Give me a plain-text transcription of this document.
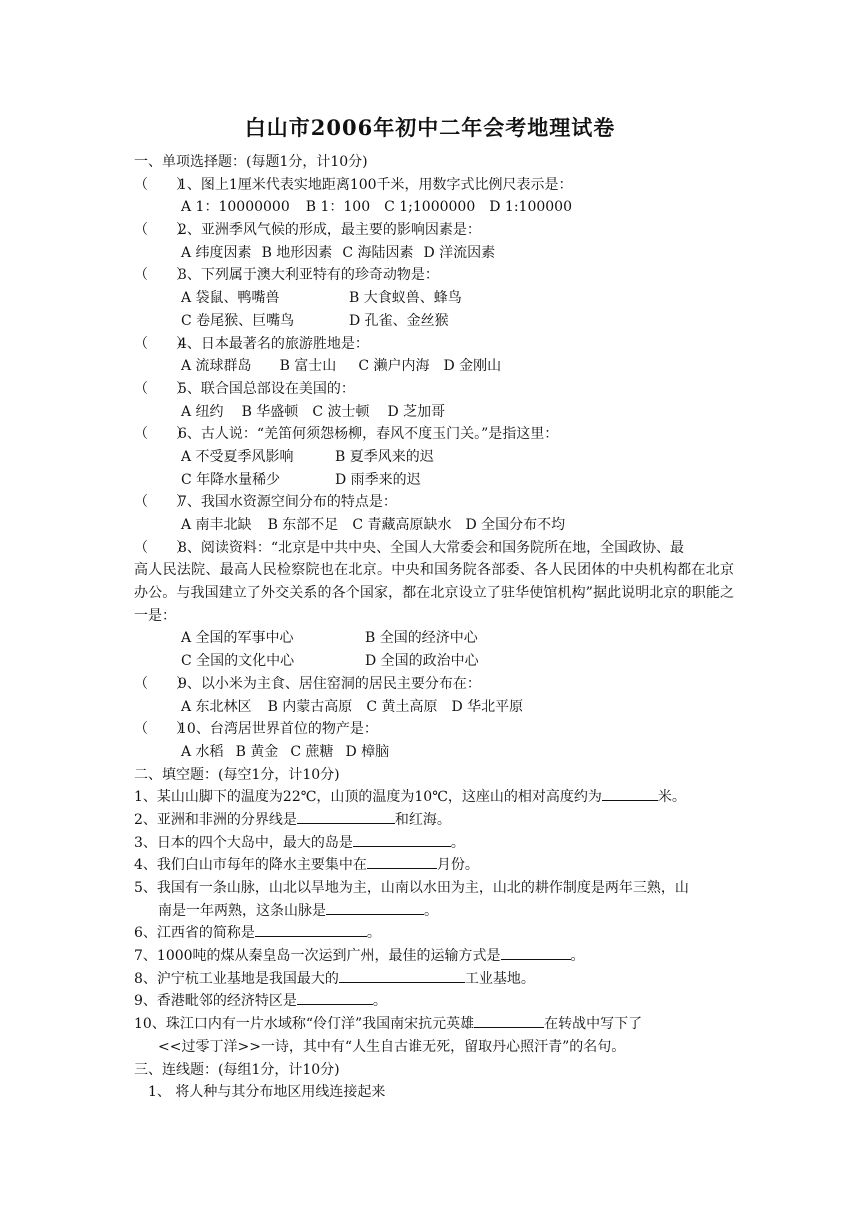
白山市2006年初中二年会考地理试卷
一、单项选择题：(每题1分，计10分)
（　　）1、图上1厘米代表实地距离100千米，用数字式比例尺表示是：
A 1：10000000 B 1：100 C 1;1000000 D 1:100000
（　　）2、亚洲季风气候的形成，最主要的影响因素是：
A 纬度因素 B 地形因素 C 海陆因素 D 洋流因素
（　　）3、下列属于澳大利亚特有的珍奇动物是：
A 袋鼠、鸭嘴兽	B 大食蚁兽、蜂鸟
C 卷尾猴、巨嘴鸟	D 孔雀、金丝猴
（　　）4、日本最著名的旅游胜地是：
A 流球群岛 B 富士山 C 濑户内海 D 金刚山
（　　）5、联合国总部设在美国的：
A 纽约 B 华盛顿 C 波士顿 D 芝加哥
（　　）6、古人说：“羌笛何须怨杨柳，春风不度玉门关。”是指这里：
A 不受夏季风影响	B 夏季风来的迟
C 年降水量稀少	D 雨季来的迟
（　　）7、我国水资源空间分布的特点是：
A 南丰北缺 B 东部不足 C 青藏高原缺水 D 全国分布不均
（　　）8、阅读资料：“北京是中共中央、全国人大常委会和国务院所在地，全国政协、最
高人民法院、最高人民检察院也在北京。中央和国务院各部委、各人民团体的中央机构都在北京办公。与我国建立了外交关系的各个国家，都在北京设立了驻华使馆机构”据此说明北京的职能之一是：
A 全国的军事中心	B 全国的经济中心
C 全国的文化中心	D 全国的政治中心
（　　）9、以小米为主食、居住窑洞的居民主要分布在：
A 东北林区 B 内蒙古高原 C 黄土高原 D 华北平原
（　　）10、台湾居世界首位的物产是：
A 水稻 B 黄金 C 蔗糖 D 樟脑
二、填空题：(每空1分，计10分)
1、某山山脚下的温度为22℃，山顶的温度为10℃，这座山的相对高度约为	米。
2、亚洲和非洲的分界线是	和红海。
3、日本的四个大岛中，最大的岛是	。
4、我们白山市每年的降水主要集中在	月份。
5、我国有一条山脉，山北以旱地为主，山南以水田为主，山北的耕作制度是两年三熟，山
南是一年两熟，这条山脉是	。
6、江西省的简称是	。
7、1000吨的煤从秦皇岛一次运到广州，最佳的运输方式是	。
8、沪宁杭工业基地是我国最大的	工业基地。
9、香港毗邻的经济特区是	。
10、珠江口内有一片水域称“伶仃洋”我国南宋抗元英雄	在转战中写下了
<<过零丁洋>>一诗，其中有“人生自古谁无死，留取丹心照汗青”的名句。
三、连线题：(每组1分，计10分)
1、 将人种与其分布地区用线连接起来
